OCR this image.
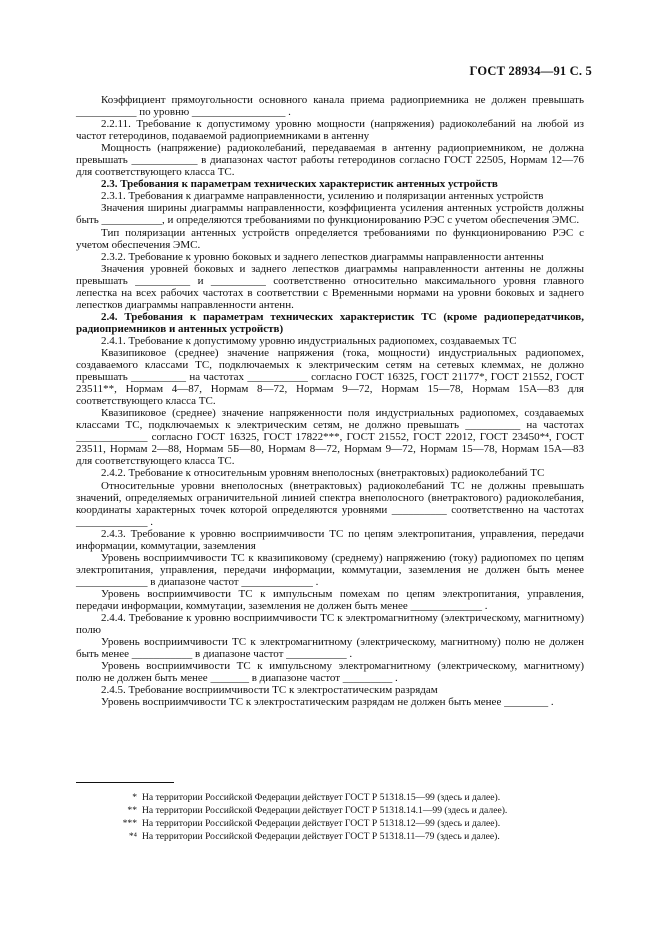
ГОСТ 28934—91 С. 5

Коэффициент прямоугольности основного канала приема радиоприемника не должен превышать ___________ по уровню _________________ .

2.2.11. Требование к допустимому уровню мощности (напряжения) радиоколебаний на любой из частот гетеродинов, подаваемой радиоприемниками в антенну

Мощность (напряжение) радиоколебаний, передаваемая в антенну радиоприемником, не должна превышать ____________ в диапазонах частот работы гетеродинов согласно ГОСТ 22505, Нормам 12—76 для соответствующего класса ТС.

2.3. Требования к параметрам технических характеристик антенных устройств

2.3.1. Требования к диаграмме направленности, усилению и поляризации антенных устройств

Значения ширины диаграммы направленности, коэффициента усиления антенных устройств должны быть ___________, и определяются требованиями по функционированию РЭС с учетом обеспечения ЭМС.

Тип поляризации антенных устройств определяется требованиями по функционированию РЭС с учетом обеспечения ЭМС.

2.3.2. Требование к уровню боковых и заднего лепестков диаграммы направленности антенны

Значения уровней боковых и заднего лепестков диаграммы направленности антенны не должны превышать __________ и __________ соответственно относительно максимального уровня главного лепестка на всех рабочих частотах в соответствии с Временными нормами на уровни боковых и заднего лепестков диаграммы направленности антенн.

2.4. Требования к параметрам технических характеристик ТС (кроме радиопередатчиков, радиоприемников и антенных устройств)

2.4.1. Требование к допустимому уровню индустриальных радиопомех, создаваемых ТС

Квазипиковое (среднее) значение напряжения (тока, мощности) индустриальных радиопомех, создаваемого классами ТС, подключаемых к электрическим сетям на сетевых клеммах, не должно превышать __________ на частотах ___________ согласно ГОСТ 16325, ГОСТ 21177*, ГОСТ 21552, ГОСТ 23511**, Нормам 4—87, Нормам 8—72, Нормам 9—72, Нормам 15—78, Нормам 15А—83 для соответствующего класса ТС.

Квазипиковое (среднее) значение напряженности поля индустриальных радиопомех, создаваемых классами ТС, подключаемых к электрическим сетям, не должно превышать __________ на частотах _____________ согласно ГОСТ 16325, ГОСТ 17822***, ГОСТ 21552, ГОСТ 22012, ГОСТ 23450*⁴, ГОСТ 23511, Нормам 2—88, Нормам 5Б—80, Нормам 8—72, Нормам 9—72, Нормам 15—78, Нормам 15А—83 для соответствующего класса ТС.

2.4.2. Требование к относительным уровням внеполосных (внетрактовых) радиоколебаний ТС

Относительные уровни внеполосных (внетрактовых) радиоколебаний ТС не должны превышать значений, определяемых ограничительной линией спектра внеполосного (внетрактового) радиоколебания, координаты характерных точек которой определяются уровнями __________ соответственно на частотах _____________ .

2.4.3. Требование к уровню восприимчивости ТС по цепям электропитания, управления, передачи информации, коммутации, заземления

Уровень восприимчивости ТС к квазипиковому (среднему) напряжению (току) радиопомех по цепям электропитания, управления, передачи информации, коммутации, заземления не должен быть менее _____________ в диапазоне частот _____________ .

Уровень восприимчивости ТС к импульсным помехам по цепям электропитания, управления, передачи информации, коммутации, заземления не должен быть менее _____________ .

2.4.4. Требование к уровню восприимчивости ТС к электромагнитному (электрическому, магнитному) полю

Уровень восприимчивости ТС к электромагнитному (электрическому, магнитному) полю не должен быть менее ___________ в диапазоне частот ___________ .

Уровень восприимчивости ТС к импульсному электромагнитному (электрическому, магнитному) полю не должен быть менее _______ в диапазоне частот _________ .

2.4.5. Требование восприимчивости ТС к электростатическим разрядам

Уровень восприимчивости ТС к электростатическим разрядам не должен быть менее ________ .

* На территории Российской Федерации действует ГОСТ Р 51318.15—99 (здесь и далее).
** На территории Российской Федерации действует ГОСТ Р 51318.14.1—99 (здесь и далее).
*** На территории Российской Федерации действует ГОСТ Р 51318.12—99 (здесь и далее).
*⁴ На территории Российской Федерации действует ГОСТ Р 51318.11—79 (здесь и далее).
